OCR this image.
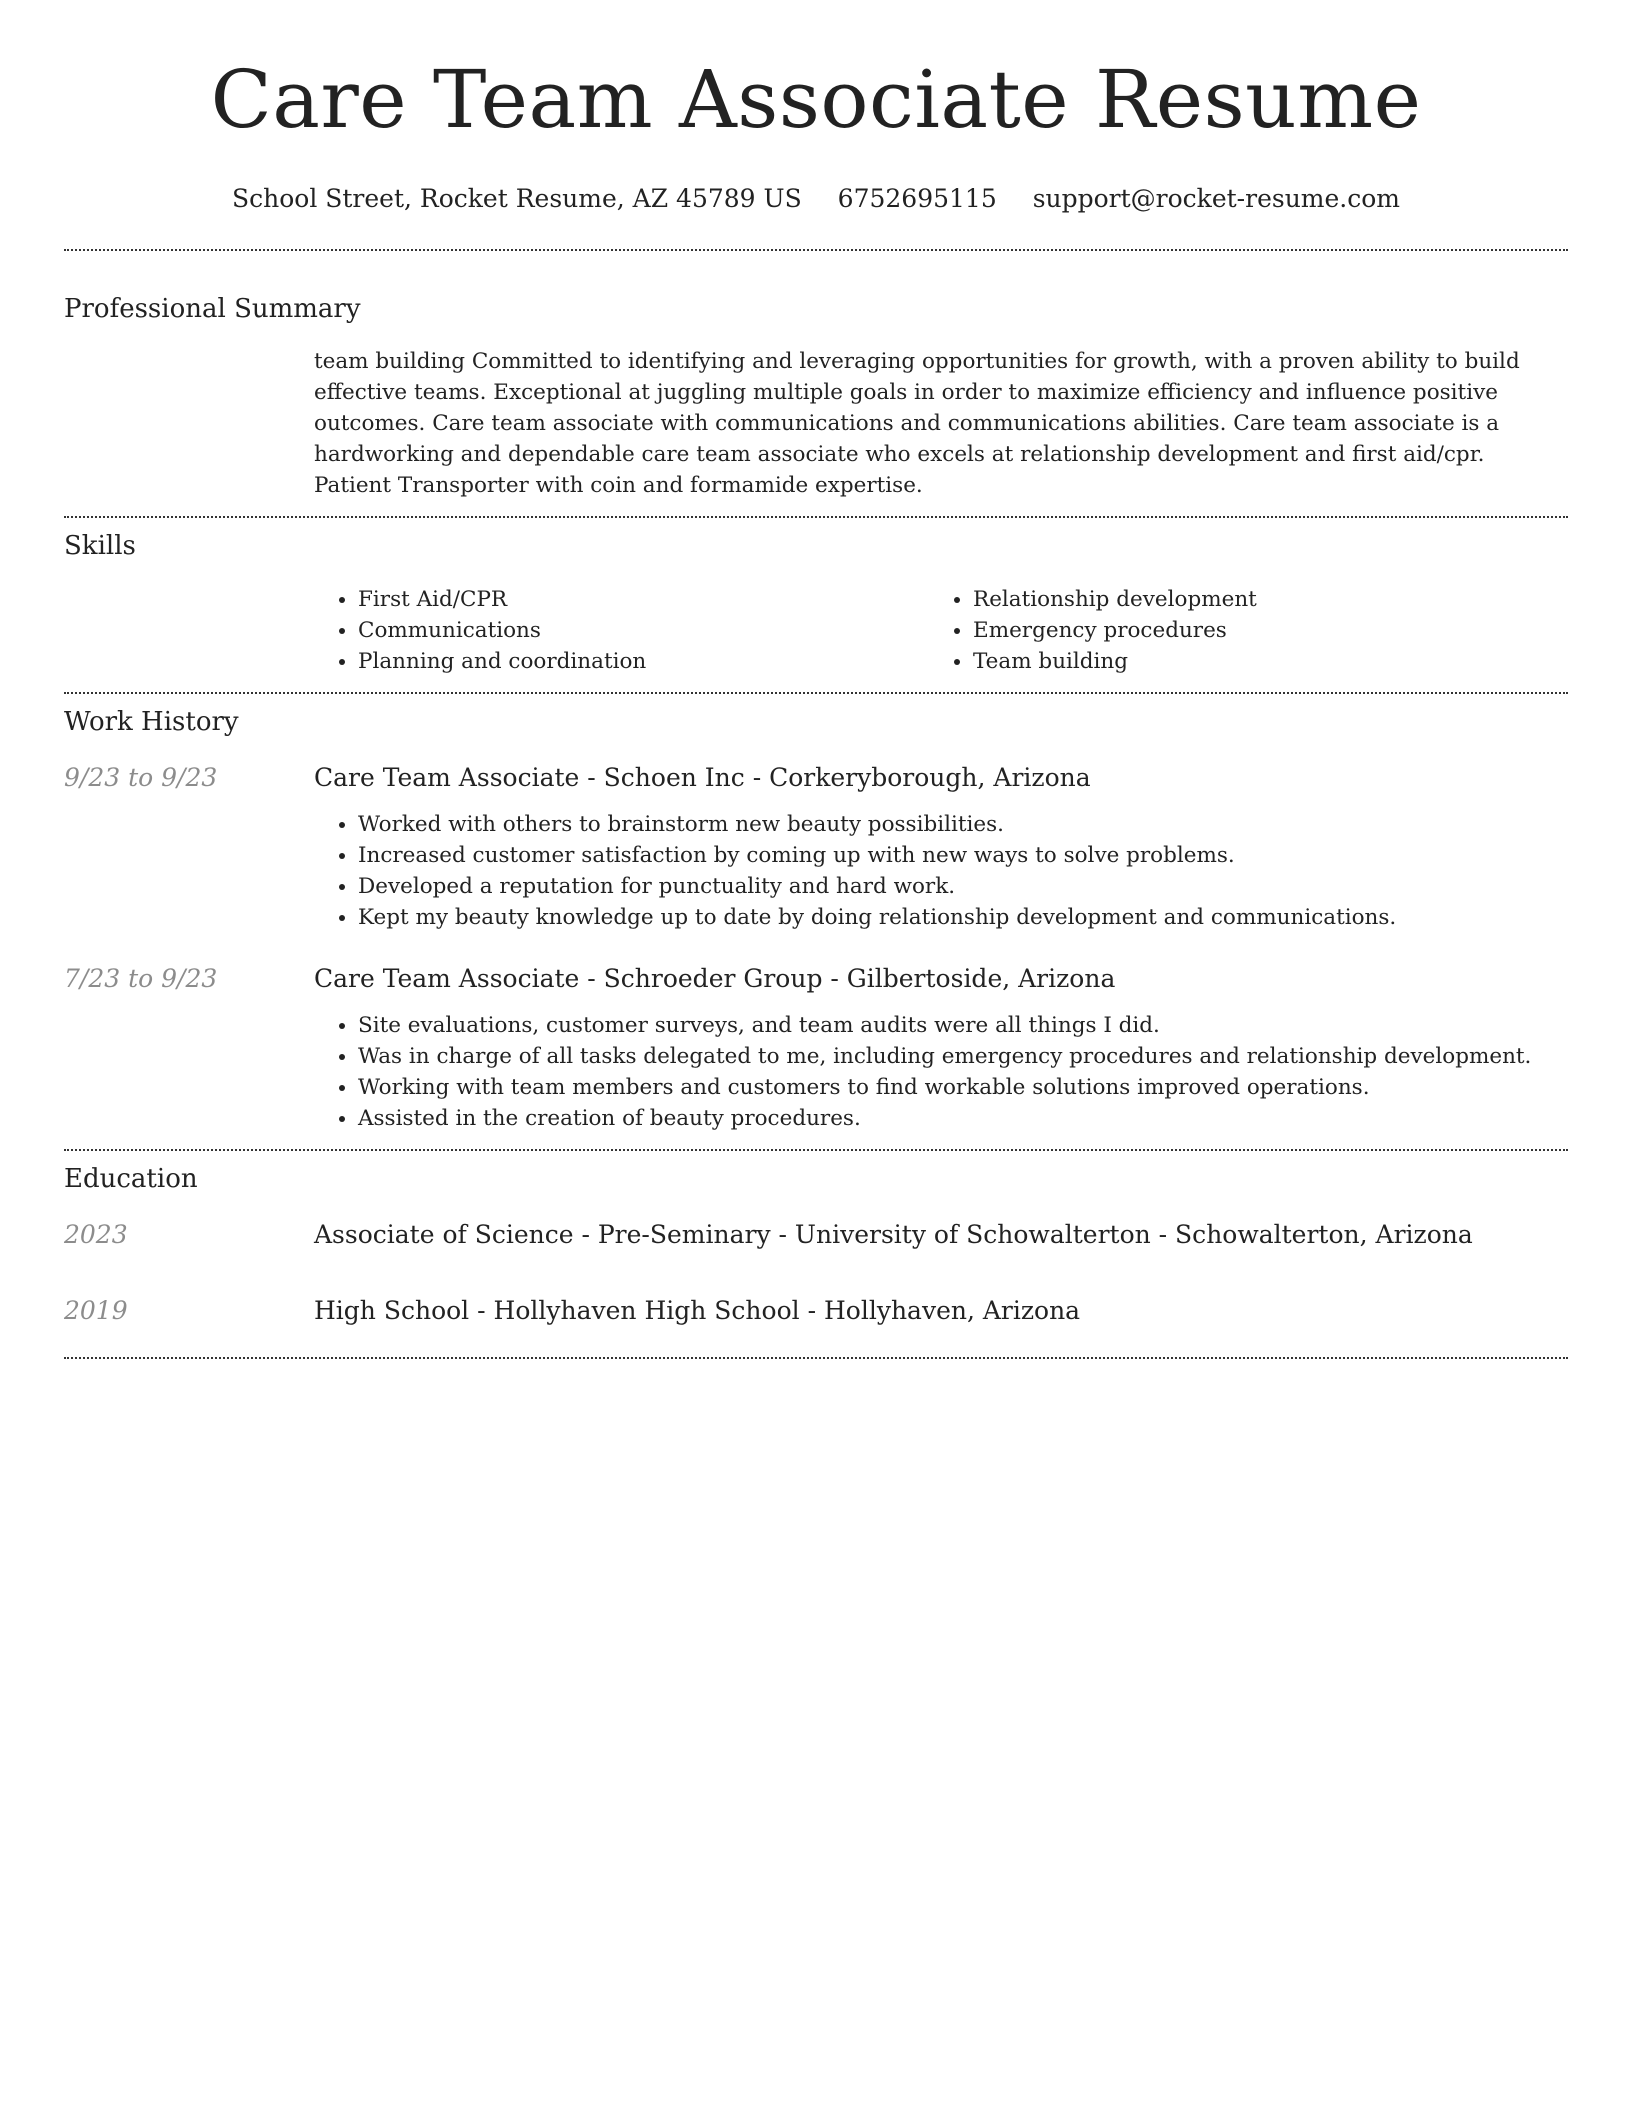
Care Team Associate Resume
School Street, Rocket Resume, AZ 45789 US 6752695115 support@rocket-resume.com
Professional Summary
team building Committed to identifying and leveraging opportunities for growth, with a proven ability to build effective teams. Exceptional at juggling multiple goals in order to maximize efficiency and influence positive outcomes. Care team associate with communications and communications abilities. Care team associate is a hardworking and dependable care team associate who excels at relationship development and first aid/cpr. Patient Transporter with coin and formamide expertise.
Skills
• First Aid/CPR
• Communications
• Planning and coordination
• Relationship development
• Emergency procedures
• Team building
Work History
9/23 to 9/23	Care Team Associate - Schoen Inc - Corkeryborough, Arizona
• Worked with others to brainstorm new beauty possibilities.
• Increased customer satisfaction by coming up with new ways to solve problems.
• Developed a reputation for punctuality and hard work.
• Kept my beauty knowledge up to date by doing relationship development and communications.
7/23 to 9/23	Care Team Associate - Schroeder Group - Gilbertoside, Arizona
• Site evaluations, customer surveys, and team audits were all things I did.
• Was in charge of all tasks delegated to me, including emergency procedures and relationship development.
• Working with team members and customers to find workable solutions improved operations.
• Assisted in the creation of beauty procedures.
Education
2023	Associate of Science - Pre-Seminary - University of Schowalterton - Schowalterton, Arizona
2019	High School - Hollyhaven High School - Hollyhaven, Arizona
